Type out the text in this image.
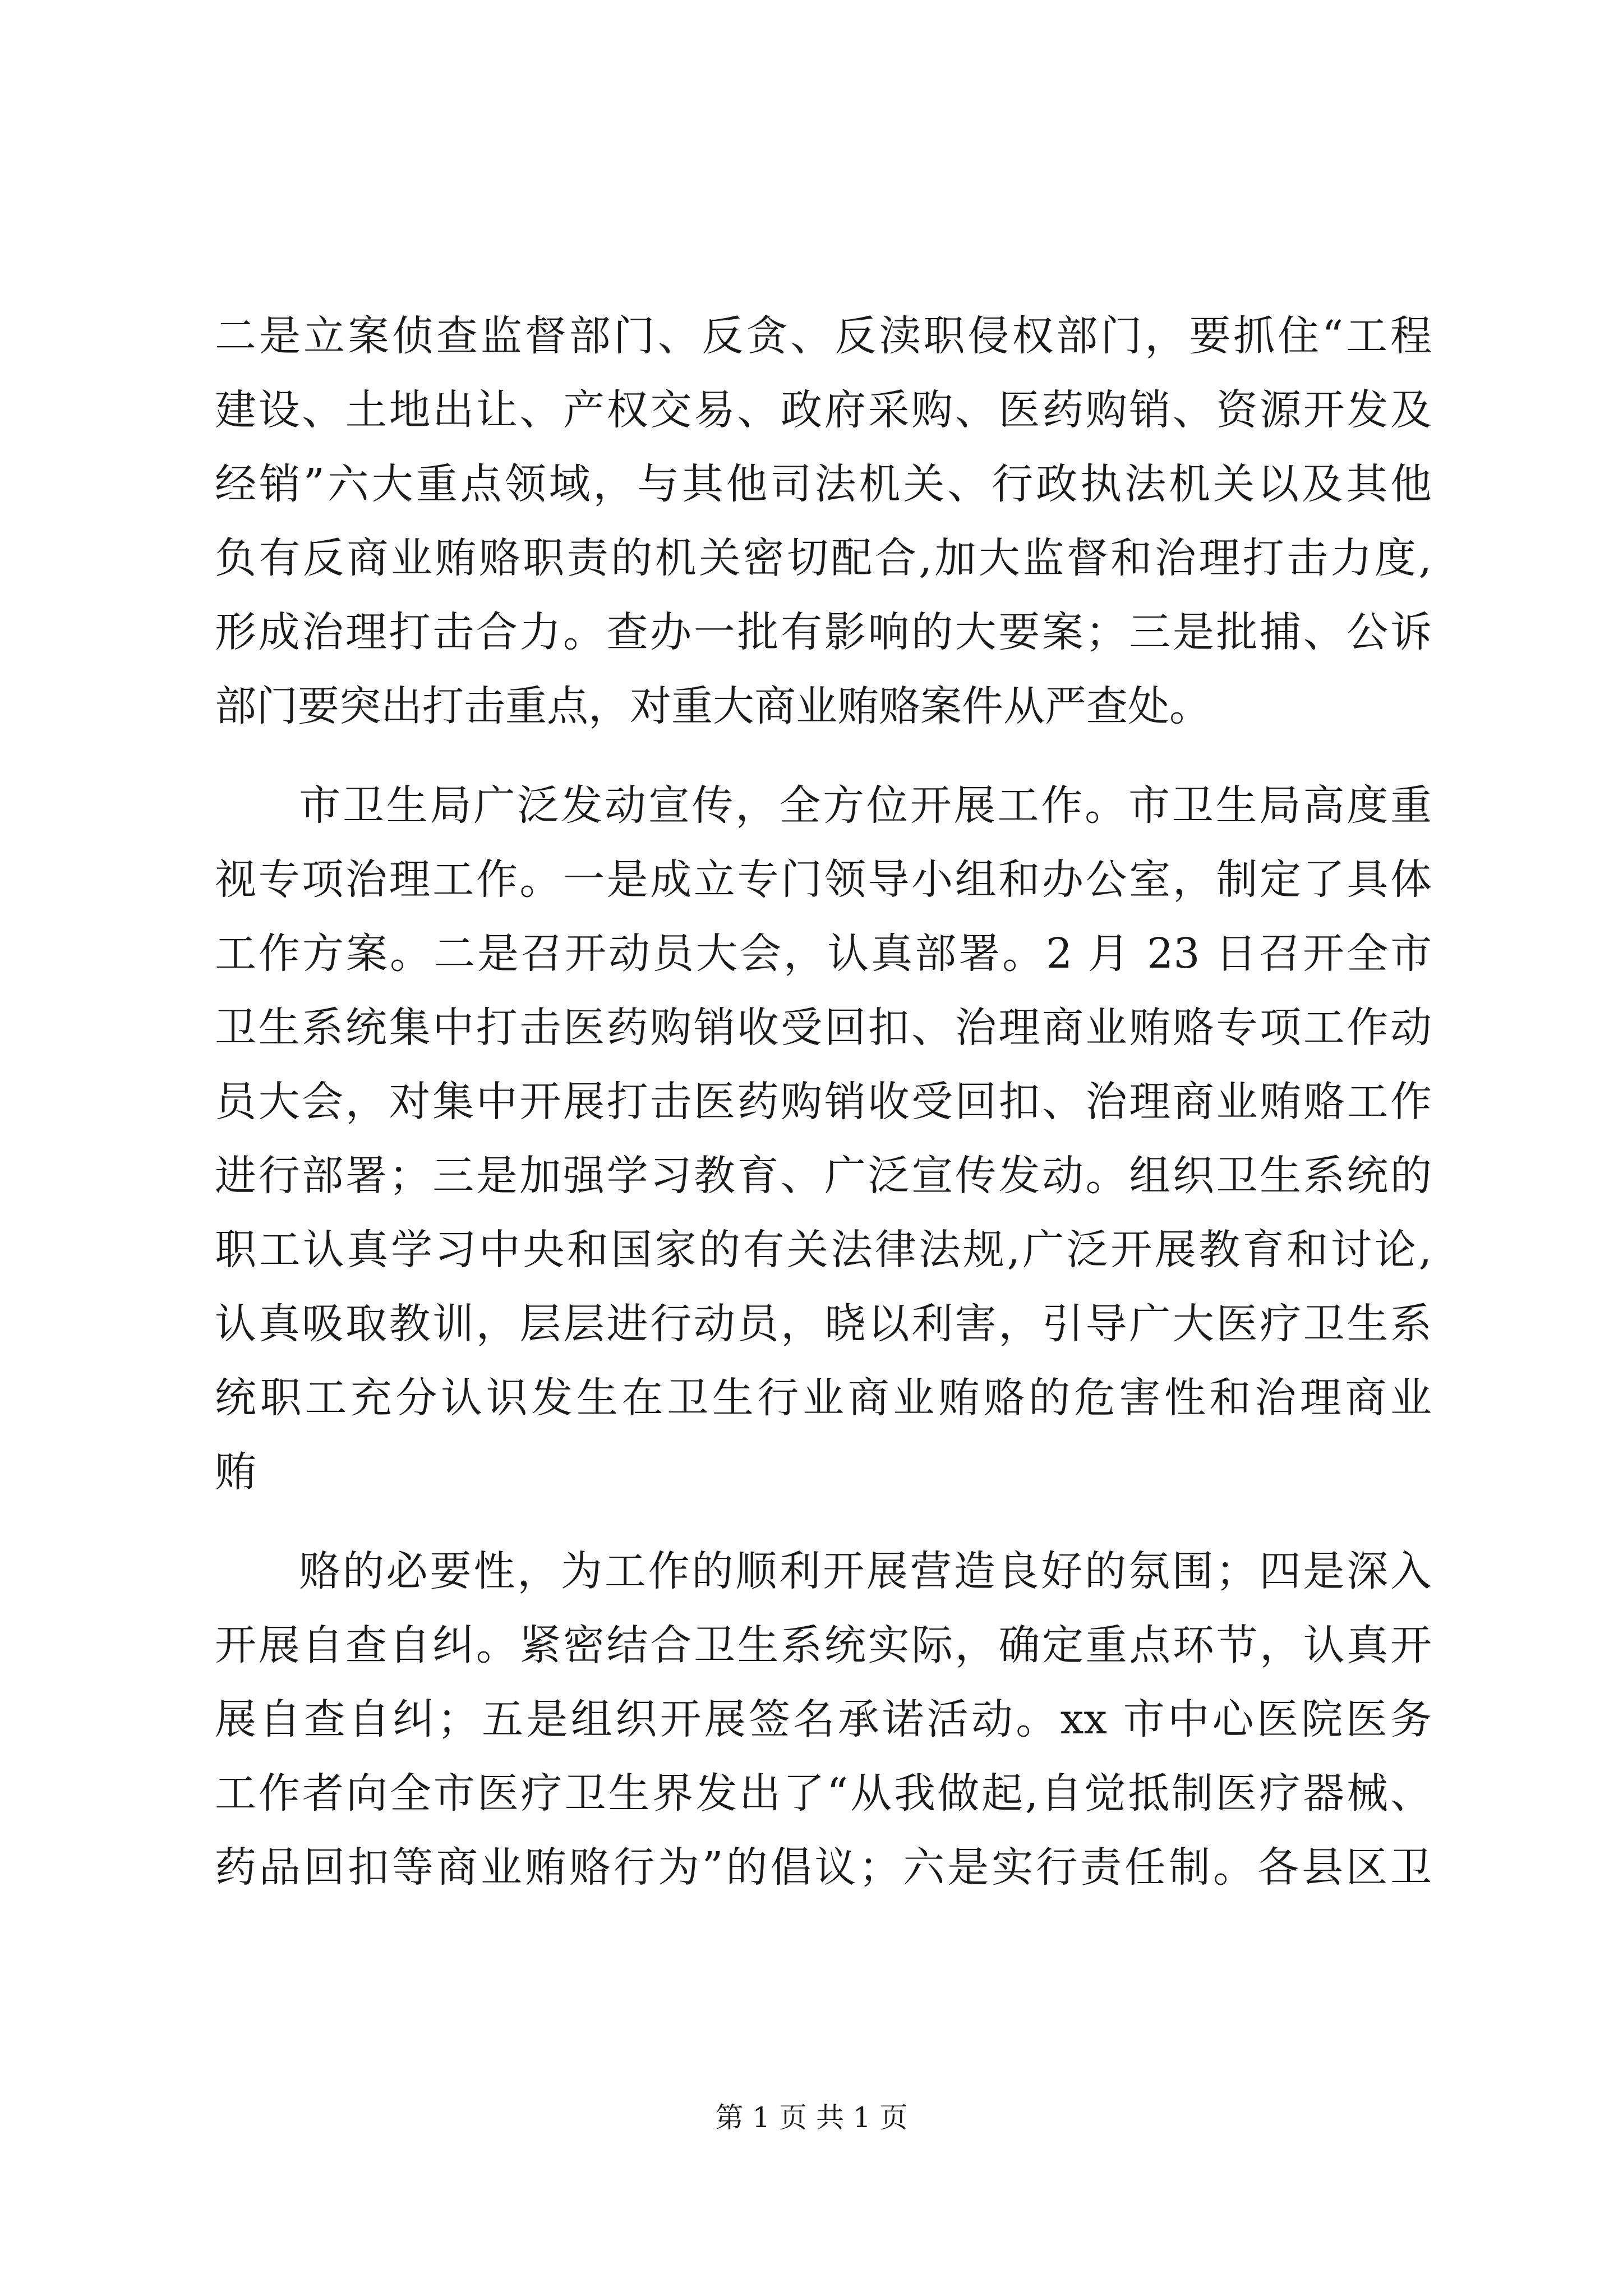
二是立案侦查监督部门、反贪、反渎职侵权部门，要抓住“工程
建设、土地出让、产权交易、政府采购、医药购销、资源开发及
经销”六大重点领域，与其他司法机关、行政执法机关以及其他
负有反商业贿赂职责的机关密切配合,加大监督和治理打击力度,
形成治理打击合力。查办一批有影响的大要案；三是批捕、公诉
部门要突出打击重点，对重大商业贿赂案件从严查处。
市卫生局广泛发动宣传，全方位开展工作。市卫生局高度重
视专项治理工作。一是成立专门领导小组和办公室，制定了具体
工作方案。二是召开动员大会，认真部署。2 月 23 日召开全市
卫生系统集中打击医药购销收受回扣、治理商业贿赂专项工作动
员大会，对集中开展打击医药购销收受回扣、治理商业贿赂工作
进行部署；三是加强学习教育、广泛宣传发动。组织卫生系统的
职工认真学习中央和国家的有关法律法规,广泛开展教育和讨论,
认真吸取教训，层层进行动员，晓以利害，引导广大医疗卫生系
统职工充分认识发生在卫生行业商业贿赂的危害性和治理商业
贿
赂的必要性，为工作的顺利开展营造良好的氛围；四是深入
开展自查自纠。紧密结合卫生系统实际，确定重点环节，认真开
展自查自纠；五是组织开展签名承诺活动。xx 市中心医院医务
工作者向全市医疗卫生界发出了“从我做起,自觉抵制医疗器械、
药品回扣等商业贿赂行为”的倡议；六是实行责任制。各县区卫
第 1 页 共 1 页
